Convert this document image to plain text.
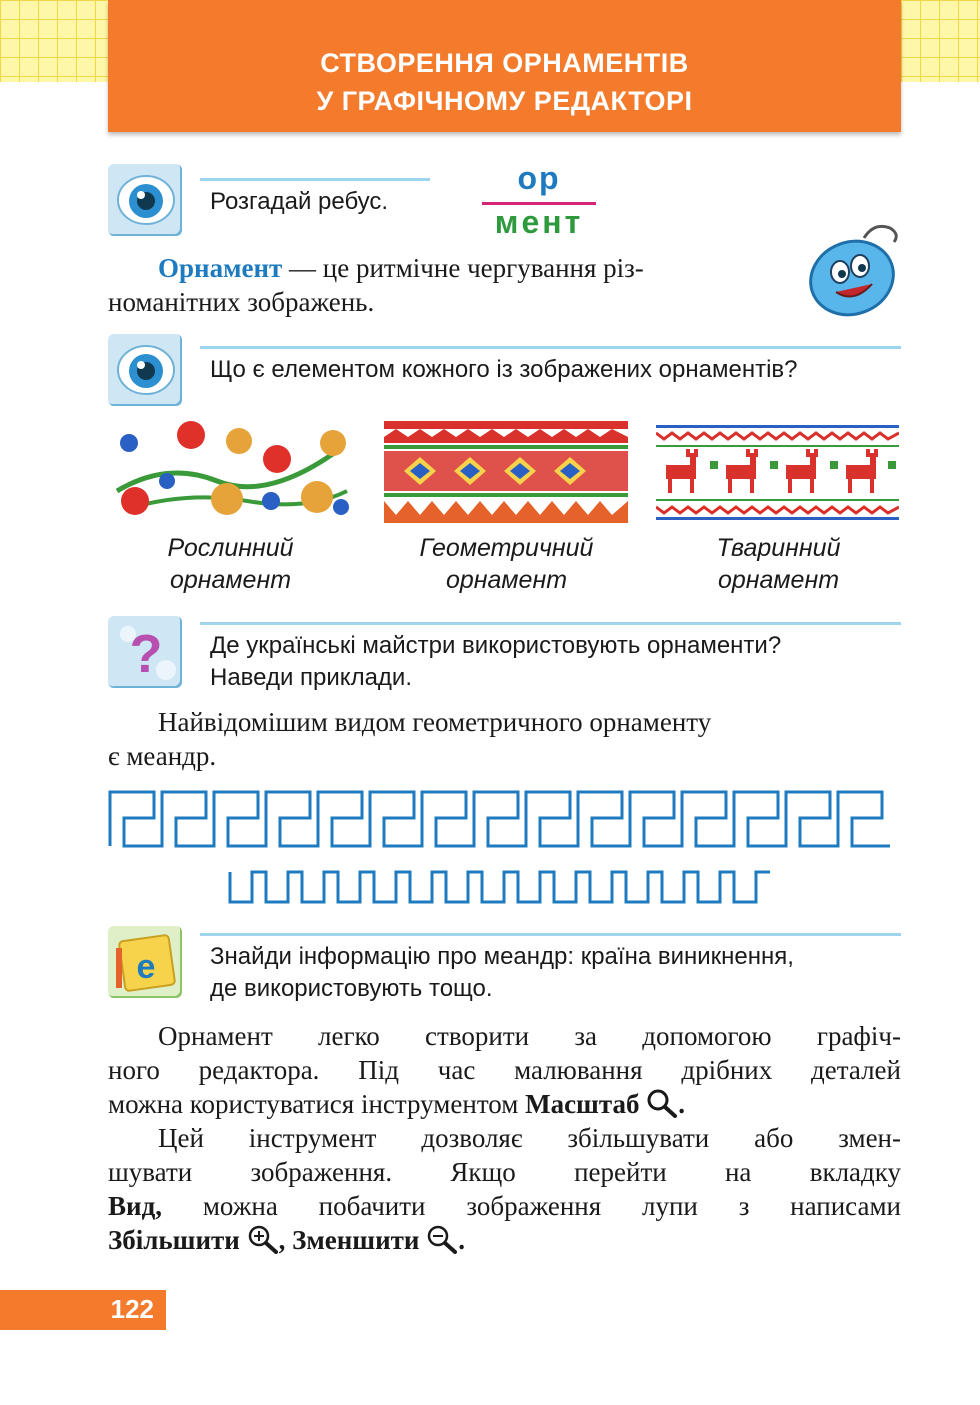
СТВОРЕННЯ ОРНАМЕНТІВ
У ГРАФІЧНОМУ РЕДАКТОРІ
Розгадай ребус.
ор
мент
Орнамент — це ритмічне чергування різ-
номанітних зображень.
Що є елементом кожного із зображених орнаментів?
Рослинний
орнамент
Геометричний
орнамент
Тваринний
орнамент
? Де українські майстри використовують орнаменти?
Наведи приклади.
Найвідомішим видом геометричного орнаменту
є меандр.
e Знайди інформацію про меандр: країна виникнення,
де використовують тощо.
Орнамент легко створити за допомогою графіч-
ного редактора. Під час малювання дрібних деталей
можна користуватися інструментом Масштаб .
Цей інструмент дозволяє збільшувати або змен-
шувати зображення. Якщо перейти на вкладку
Вид, можна побачити зображення лупи з написами
Збільшити , Зменшити .
122
